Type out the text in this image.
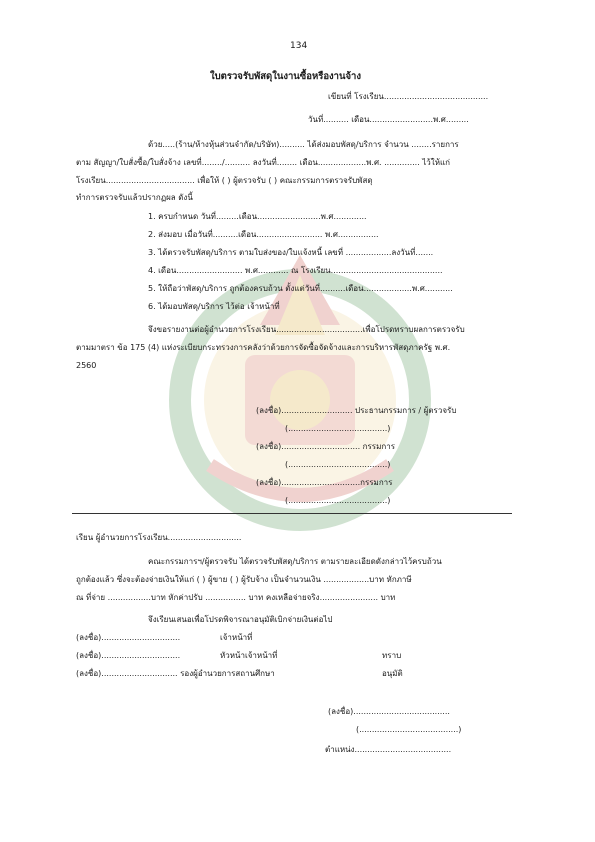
134
ใบตรวจรับพัสดุในงานซื้อหรืองานจ้าง
เขียนที่ โรงเรียน.........................................
วันที่.......... เดือน.........................พ.ศ.........
ด้วย.....(ร้าน/ห้างหุ้นส่วนจำกัด/บริษัท).......... ได้ส่งมอบพัสดุ/บริการ จำนวน ........รายการ
ตาม สัญญา/ใบสั่งซื้อ/ใบสั่งจ้าง เลขที่......../.......... ลงวันที่........ เดือน...................พ.ศ. .............. ไว้ให้แก่
โรงเรียน................................... เพื่อให้ ( ) ผู้ตรวจรับ ( ) คณะกรรมการตรวจรับพัสดุ
ทำการตรวจรับแล้วปรากฏผล ดังนี้
1. ครบกำหนด วันที่.........เดือน.........................พ.ศ.............
2. ส่งมอบ เมื่อวันที่..........เดือน.......................... พ.ศ................
3. ได้ตรวจรับพัสดุ/บริการ ตามใบส่งของ/ใบแจ้งหนี้ เลขที่ ..................ลงวันที่.......
4. เดือน.......................... พ.ศ............ ณ โรงเรียน............................................
5. ให้ถือว่าพัสดุ/บริการ ถูกต้องครบถ้วน ตั้งแต่วันที่..........เดือน...................พ.ศ...........
6. ได้มอบพัสดุ/บริการ ไว้ต่อ เจ้าหน้าที่
จึงขอรายงานต่อผู้อำนวยการโรงเรียน..................................เพื่อโปรดทราบผลการตรวจรับ
ตามมาตรา ข้อ 175 (4) แห่งระเบียบกระทรวงการคลังว่าด้วยการจัดซื้อจัดจ้างและการบริหารพัสดุภาครัฐ พ.ศ.
2560
(ลงชื่อ)............................ ประธานกรรมการ / ผู้ตรวจรับ
(.......................................)
(ลงชื่อ)............................... กรรมการ
(.......................................)
(ลงชื่อ)...............................กรรมการ
(.......................................)
เรียน ผู้อำนวยการโรงเรียน.............................
คณะกรรมการฯ/ผู้ตรวจรับ ได้ตรวจรับพัสดุ/บริการ ตามรายละเอียดดังกล่าวไว้ครบถ้วน
ถูกต้องแล้ว ซึ่งจะต้องจ่ายเงินให้แก่ ( ) ผู้ขาย ( ) ผู้รับจ้าง เป็นจำนวนเงิน ..................บาท หักภาษี
ณ ที่จ่าย .................บาท หักค่าปรับ ................ บาท คงเหลือจ่ายจริง....................... บาท
จึงเรียนเสนอเพื่อโปรดพิจารณาอนุมัติเบิกจ่ายเงินต่อไป
(ลงชื่อ)...............................	เจ้าหน้าที่
(ลงชื่อ)...............................	หัวหน้าเจ้าหน้าที่	ทราบ
(ลงชื่อ).............................. รองผู้อำนวยการสถานศึกษา	อนุมัติ
(ลงชื่อ)......................................
(.......................................)
ตำแหน่ง......................................
